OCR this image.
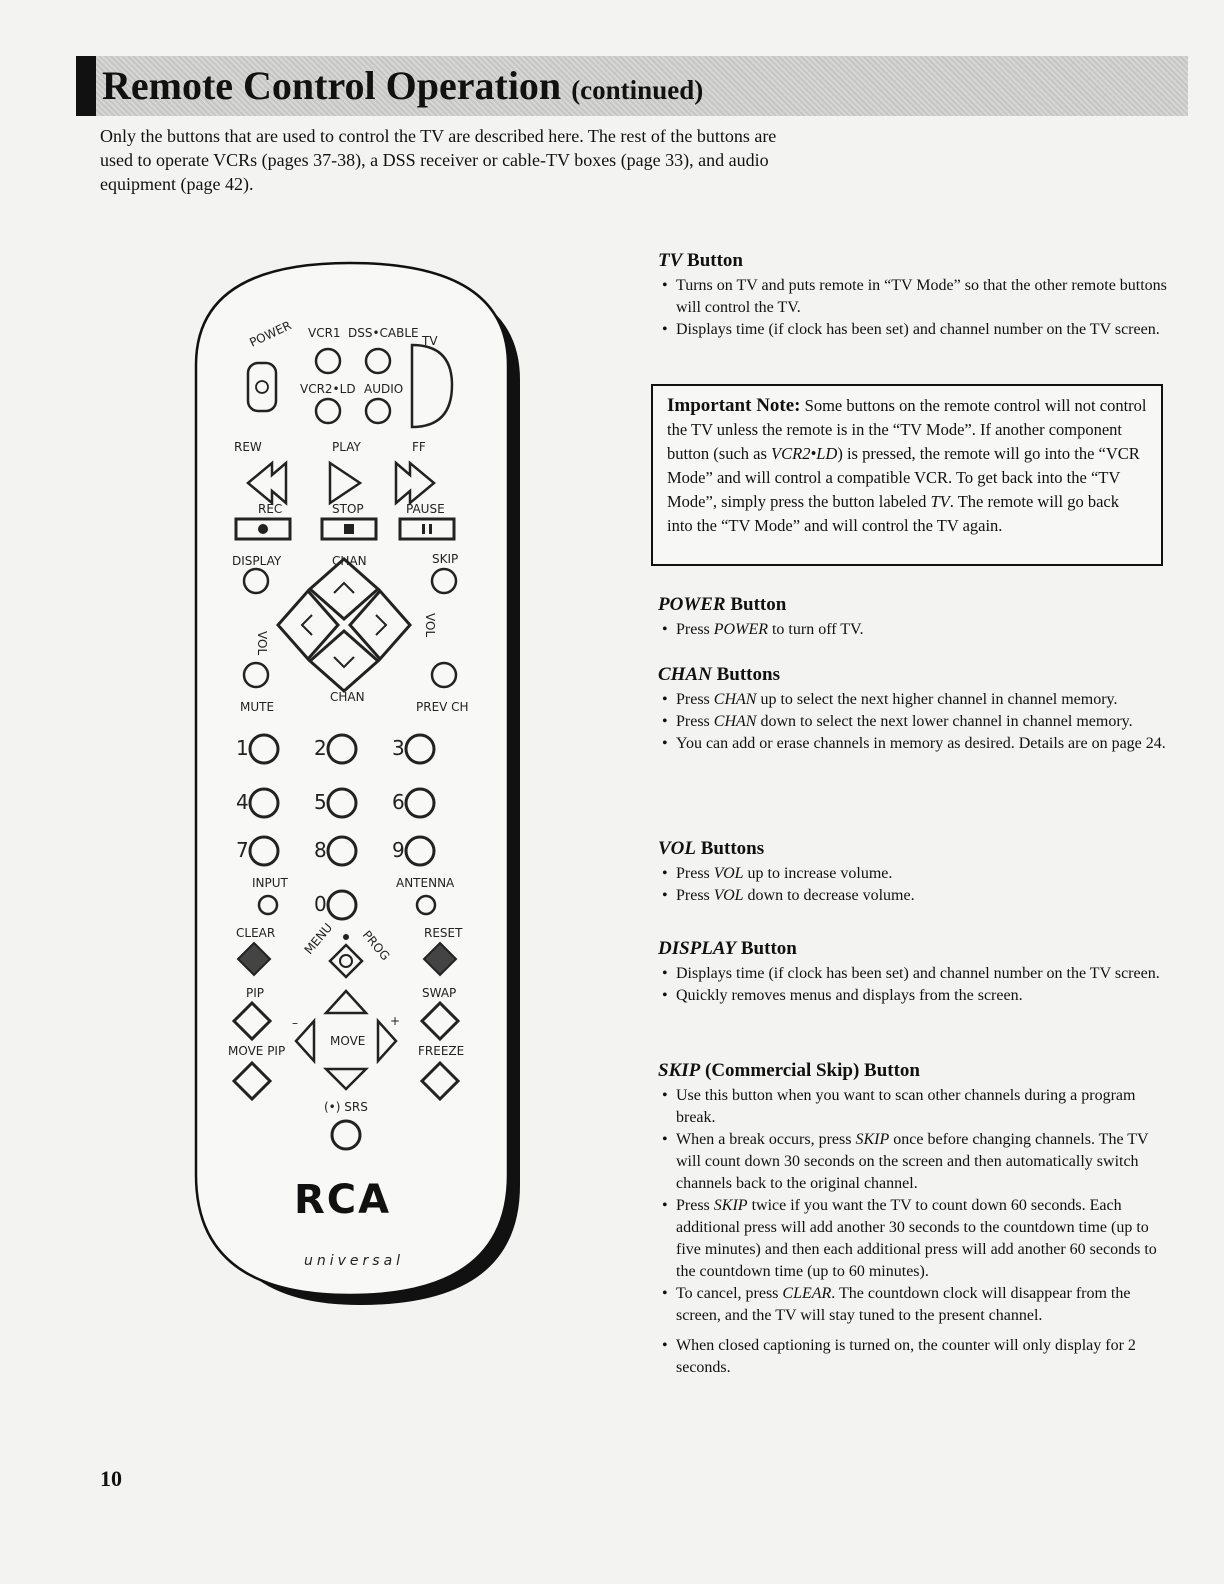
Remote Control Operation (continued)

Only the buttons that are used to control the TV are described here. The rest of the buttons are used to operate VCRs (pages 37-38), a DSS receiver or cable-TV boxes (page 33), and audio equipment (page 42).

POWER VCR1 DSS•CABLE
TV
VCR2•LD AUDIO
REW	PLAY	FF
REC	STOP	PAUSE
DISPLAY	CHAN	SKIP
VOL
VOL
CHAN
MUTE	PREV CH
1	2	3
4	5	6
7	8	9
INPUT	ANTENNA
0
CLEAR	RESET
MENU PROG
PIP	SWAP
–	+
MOVE
MOVE PIP	FREEZE
(•) SRS
RCA
universal
TV Button
• Turns on TV and puts remote in “TV Mode” so that the other remote buttons will control the TV.
• Displays time (if clock has been set) and channel number on the TV screen.
POWER Button
• Press POWER to turn off TV.
CHAN Buttons
• Press CHAN up to select the next higher channel in channel memory.
• Press CHAN down to select the next lower channel in channel memory.
• You can add or erase channels in memory as desired. Details are on page 24.
VOL Buttons
• Press VOL up to increase volume.
• Press VOL down to decrease volume.
DISPLAY Button
• Displays time (if clock has been set) and channel number on the TV screen.
• Quickly removes menus and displays from the screen.
SKIP (Commercial Skip) Button
• Use this button when you want to scan other channels during a program break.
• When a break occurs, press SKIP once before changing channels. The TV will count down 30 seconds on the screen and then automatically switch channels back to the original channel.
• Press SKIP twice if you want the TV to count down 60 seconds. Each additional press will add another 30 seconds to the countdown time (up to five minutes) and then each additional press will add another 60 seconds to the countdown time (up to 60 minutes).
• To cancel, press CLEAR. The countdown clock will disappear from the screen, and the TV will stay tuned to the present channel.
• When closed captioning is turned on, the counter will only display for 2 seconds.
Important Note: Some buttons on the remote control will not control the TV unless the remote is in the “TV Mode”. If another component button (such as VCR2•LD) is pressed, the remote will go into the “VCR Mode” and will control a compatible VCR. To get back into the “TV Mode”, simply press the button labeled TV. The remote will go back into the “TV Mode” and will control the TV again.
10
